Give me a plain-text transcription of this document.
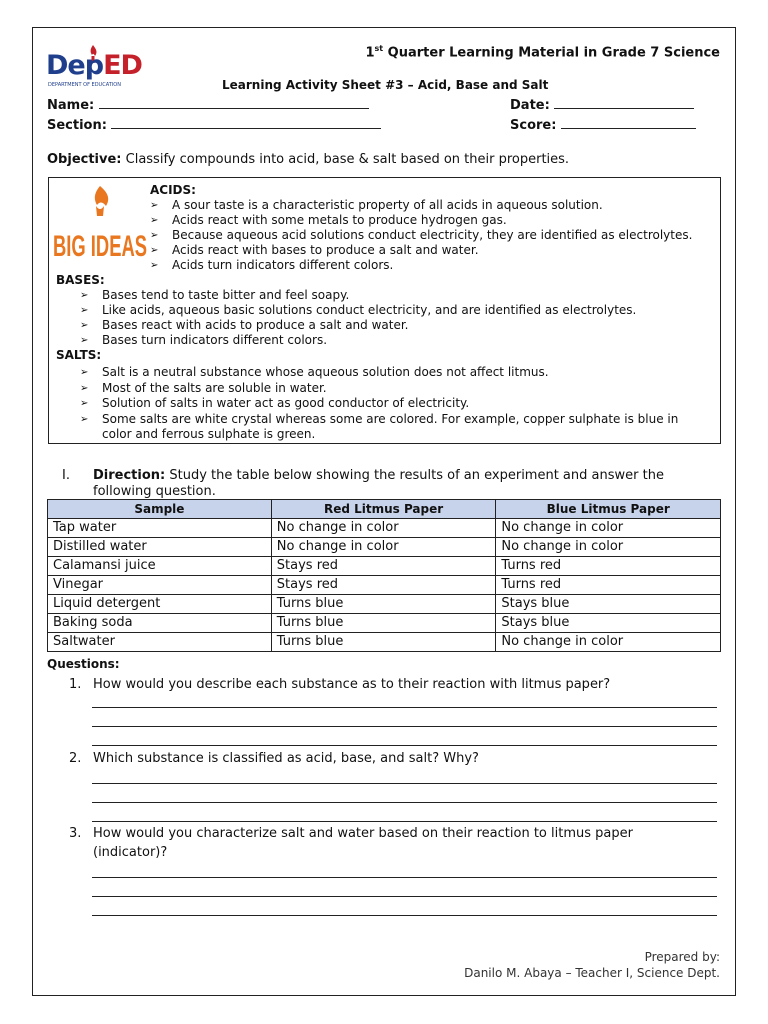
DepED
DEPARTMENT OF EDUCATION
1st Quarter Learning Material in Grade 7 Science
Learning Activity Sheet #3 – Acid, Base and Salt
Name:	Date:
Section:	Score:
Objective: Classify compounds into acid, base & salt based on their properties.
BIG IDEAS
ACIDS:
➢ A sour taste is a characteristic property of all acids in aqueous solution.
➢ Acids react with some metals to produce hydrogen gas.
➢ Because aqueous acid solutions conduct electricity, they are identified as electrolytes.
➢ Acids react with bases to produce a salt and water.
➢ Acids turn indicators different colors.
BASES:
➢ Bases tend to taste bitter and feel soapy.
➢ Like acids, aqueous basic solutions conduct electricity, and are identified as electrolytes.
➢ Bases react with acids to produce a salt and water.
➢ Bases turn indicators different colors.
SALTS:
➢ Salt is a neutral substance whose aqueous solution does not affect litmus.
➢ Most of the salts are soluble in water.
➢ Solution of salts in water act as good conductor of electricity.
➢ Some salts are white crystal whereas some are colored. For example, copper sulphate is blue in
color and ferrous sulphate is green.
I. Direction: Study the table below showing the results of an experiment and answer the
following question.
Sample	Red Litmus Paper	Blue Litmus Paper
Tap water	No change in color	No change in color
Distilled water	No change in color	No change in color
Calamansi juice	Stays red	Turns red
Vinegar	Stays red	Turns red
Liquid detergent	Turns blue	Stays blue
Baking soda	Turns blue	Stays blue
Saltwater	Turns blue	No change in color
Questions:
1. How would you describe each substance as to their reaction with litmus paper?
2. Which substance is classified as acid, base, and salt? Why?
3. How would you characterize salt and water based on their reaction to litmus paper
(indicator)?
Prepared by:
Danilo M. Abaya – Teacher I, Science Dept.
